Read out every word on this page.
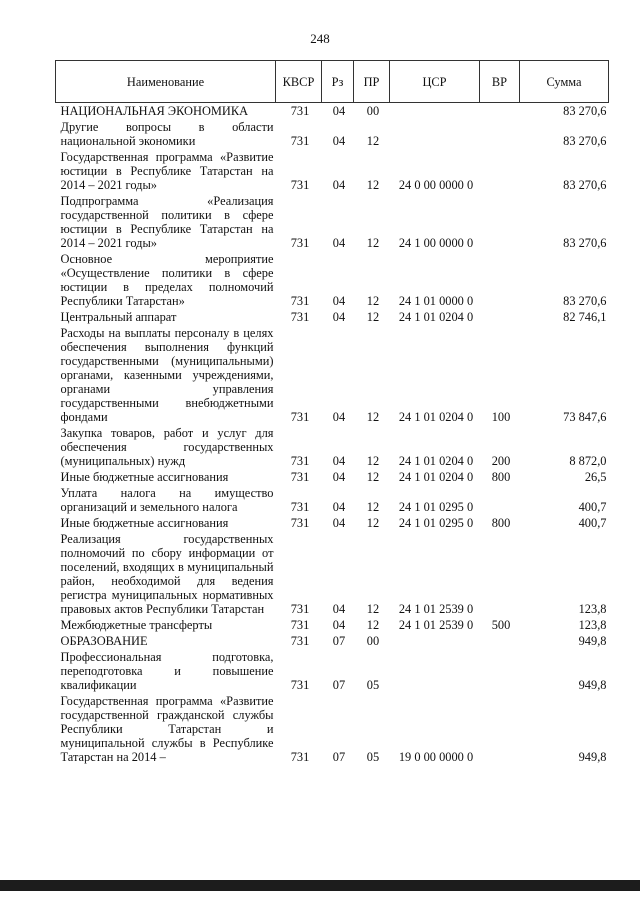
248
Наименование	КВСР	Рз	ПР	ЦСР	ВР	Сумма
НАЦИОНАЛЬНАЯ ЭКОНОМИКА	731	04	00			83 270,6
Другие вопросы в области национальной экономики	731	04	12			83 270,6
Государственная программа «Развитие юстиции в Республике Татарстан на 2014 – 2021 годы»	731	04	12	24 0 00 0000 0		83 270,6
Подпрограмма «Реализация государственной политики в сфере юстиции в Республике Татарстан на 2014 – 2021 годы»	731	04	12	24 1 00 0000 0		83 270,6
Основное мероприятие «Осуществление политики в сфере юстиции в пределах полномочий Республики Татарстан»	731	04	12	24 1 01 0000 0		83 270,6
Центральный аппарат	731	04	12	24 1 01 0204 0		82 746,1
Расходы на выплаты персоналу в целях обеспечения выполнения функций государственными (муниципальными) органами, казенными учреждениями, органами управления государственными внебюджетными фондами	731	04	12	24 1 01 0204 0	100	73 847,6
Закупка товаров, работ и услуг для обеспечения государственных (муниципальных) нужд	731	04	12	24 1 01 0204 0	200	8 872,0
Иные бюджетные ассигнования	731	04	12	24 1 01 0204 0	800	26,5
Уплата налога на имущество организаций и земельного налога	731	04	12	24 1 01 0295 0		400,7
Иные бюджетные ассигнования	731	04	12	24 1 01 0295 0	800	400,7
Реализация государственных полномочий по сбору информации от поселений, входящих в муниципальный район, необходимой для ведения регистра муниципальных нормативных правовых актов Республики Татарстан	731	04	12	24 1 01 2539 0		123,8
Межбюджетные трансферты	731	04	12	24 1 01 2539 0	500	123,8
ОБРАЗОВАНИЕ	731	07	00			949,8
Профессиональная подготовка, переподготовка и повышение квалификации	731	07	05			949,8
Государственная программа «Развитие государственной гражданской службы Республики Татарстан и муниципальной службы в Республике Татарстан на 2014 –	731	07	05	19 0 00 0000 0		949,8
